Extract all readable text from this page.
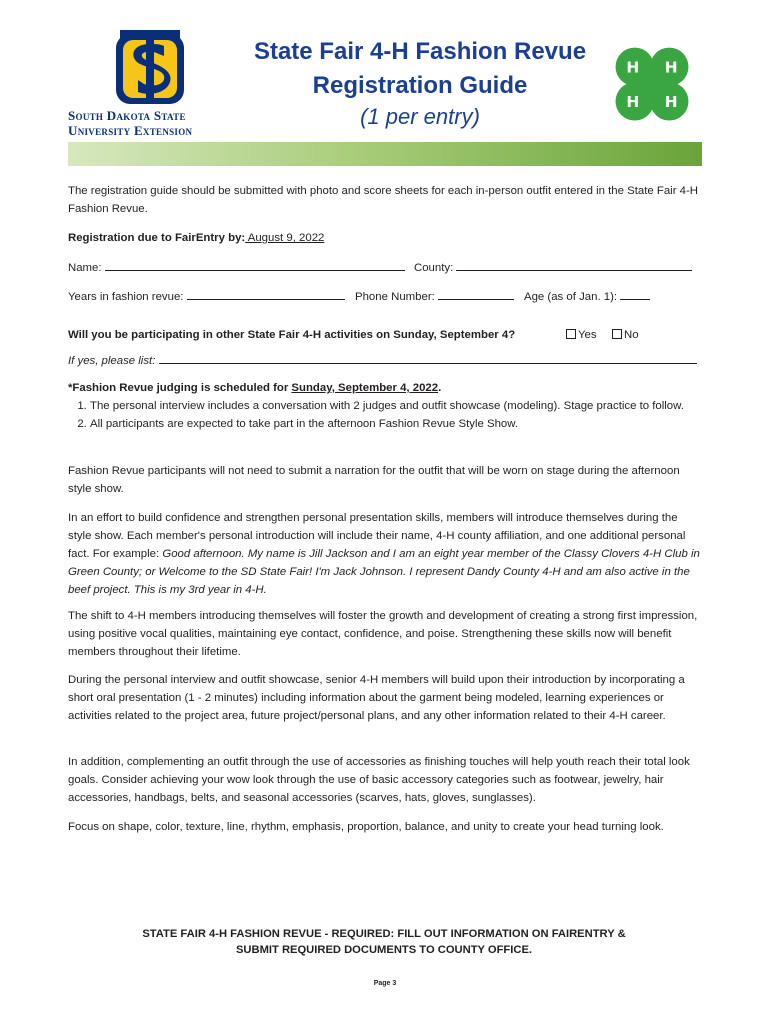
South Dakota State
University Extension
State Fair 4-H Fashion Revue
Registration Guide
(1 per entry)
H H
H H
The registration guide should be submitted with photo and score sheets for each in-person outfit entered in the State Fair 4-H Fashion Revue.
Registration due to FairEntry by: August 9, 2022
Name:	County:
Years in fashion revue:	Phone Number:	Age (as of Jan. 1):
Will you be participating in other State Fair 4-H activities on Sunday, September 4?	Yes	No
If yes, please list:
*Fashion Revue judging is scheduled for Sunday, September 4, 2022.
1. The personal interview includes a conversation with 2 judges and outfit showcase (modeling). Stage practice to follow.
2. All participants are expected to take part in the afternoon Fashion Revue Style Show.
Fashion Revue participants will not need to submit a narration for the outfit that will be worn on stage during the afternoon style show.
In an effort to build confidence and strengthen personal presentation skills, members will introduce themselves during the style show. Each member's personal introduction will include their name, 4-H county affiliation, and one additional personal fact. For example: Good afternoon. My name is Jill Jackson and I am an eight year member of the Classy Clovers 4-H Club in Green County; or Welcome to the SD State Fair! I'm Jack Johnson. I represent Dandy County 4-H and am also active in the beef project. This is my 3rd year in 4-H.
The shift to 4-H members introducing themselves will foster the growth and development of creating a strong first impression, using positive vocal qualities, maintaining eye contact, confidence, and poise. Strengthening these skills now will benefit members throughout their lifetime.
During the personal interview and outfit showcase, senior 4-H members will build upon their introduction by incorporating a short oral presentation (1 - 2 minutes) including information about the garment being modeled, learning experiences or activities related to the project area, future project/personal plans, and any other information related to their 4-H career.
In addition, complementing an outfit through the use of accessories as finishing touches will help youth reach their total look goals. Consider achieving your wow look through the use of basic accessory categories such as footwear, jewelry, hair accessories, handbags, belts, and seasonal accessories (scarves, hats, gloves, sunglasses).
Focus on shape, color, texture, line, rhythm, emphasis, proportion, balance, and unity to create your head turning look.
STATE FAIR 4-H FASHION REVUE - REQUIRED: FILL OUT INFORMATION ON FAIRENTRY &
SUBMIT REQUIRED DOCUMENTS TO COUNTY OFFICE.
Page 3
